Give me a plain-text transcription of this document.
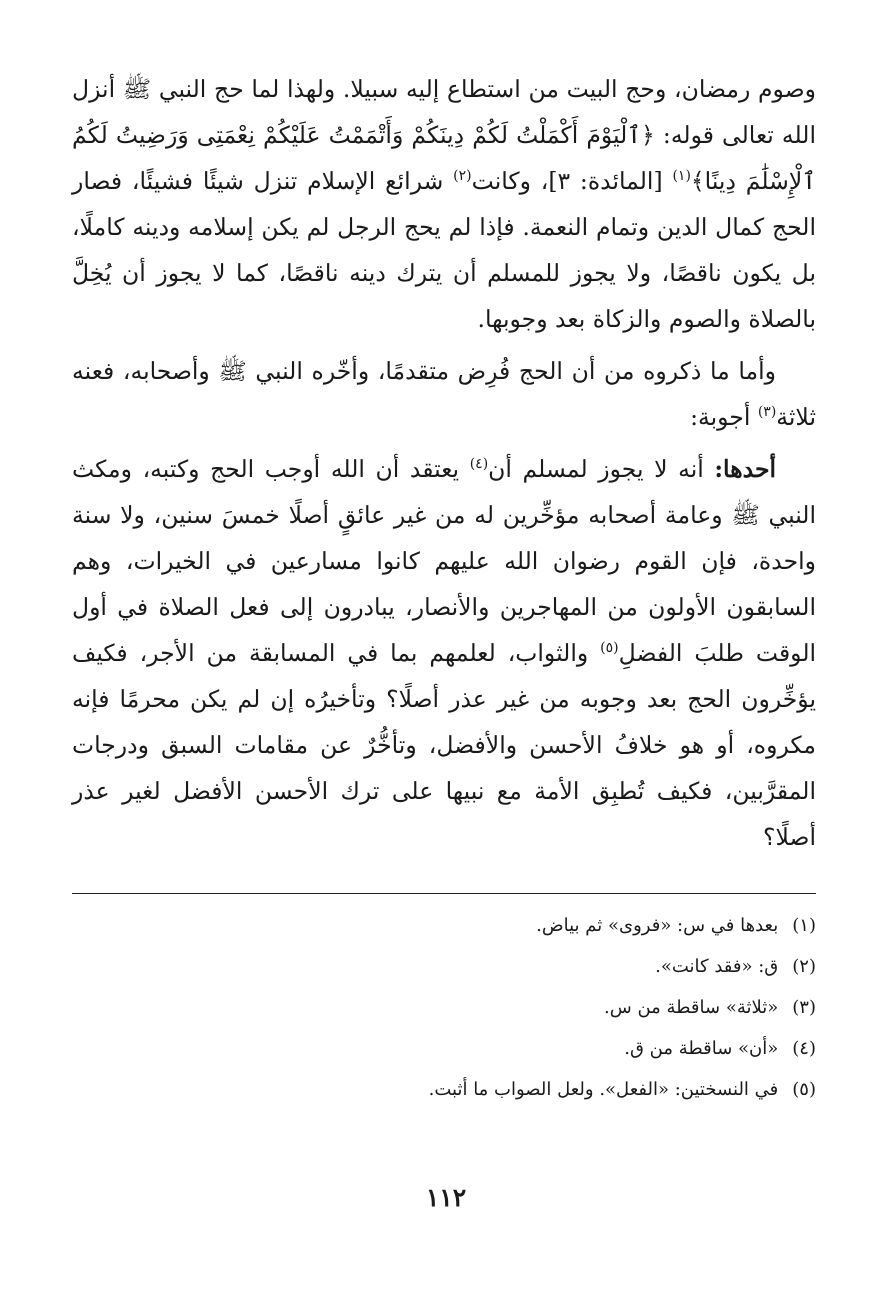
وصوم رمضان، وحج البيت من استطاع إليه سبيلا. ولهذا لما حج النبي ﷺ أنزل الله تعالى قوله: ﴿ٱلْيَوْمَ أَكْمَلْتُ لَكُمْ دِينَكُمْ وَأَتْمَمْتُ عَلَيْكُمْ نِعْمَتِى وَرَضِيتُ لَكُمُ ٱلْإِسْلَٰمَ دِينًا﴾$^{(١)}$ [المائدة: ٣]، وكانت$^{(٢)}$ شرائع الإسلام تنزل شيئًا فشيئًا، فصار الحج كمال الدين وتمام النعمة. فإذا لم يحج الرجل لم يكن إسلامه ودينه كاملًا، بل يكون ناقصًا، ولا يجوز للمسلم أن يترك دينه ناقصًا، كما لا يجوز أن يُخِلَّ بالصلاة والصوم والزكاة بعد وجوبها.

وأما ما ذكروه من أن الحج فُرِض متقدمًا، وأخّره النبي ﷺ وأصحابه، فعنه ثلاثة$^{(٣)}$ أجوبة:

أحدها: أنه لا يجوز لمسلم أن$^{(٤)}$ يعتقد أن الله أوجب الحج وكتبه، ومكث النبي ﷺ وعامة أصحابه مؤخِّرين له من غير عائقٍ أصلًا خمسَ سنين، ولا سنة واحدة، فإن القوم رضوان الله عليهم كانوا مسارعين في الخيرات، وهم السابقون الأولون من المهاجرين والأنصار، يبادرون إلى فعل الصلاة في أول الوقت طلبَ الفضلِ$^{(٥)}$ والثواب، لعلمهم بما في المسابقة من الأجر، فكيف يؤخِّرون الحج بعد وجوبه من غير عذر أصلًا؟ وتأخيرُه إن لم يكن محرمًا فإنه مكروه، أو هو خلافُ الأحسن والأفضل، وتأخُّرٌ عن مقامات السبق ودرجات المقرَّبين، فكيف تُطبِق الأمة مع نبيها على ترك الأحسن الأفضل لغير عذر أصلًا؟

(١)بعدها في س: «فروى» ثم بياض.
(٢)ق: «فقد كانت».
(٣)«ثلاثة» ساقطة من س.
(٤)«أن» ساقطة من ق.
(٥)في النسختين: «الفعل». ولعل الصواب ما أثبت.
١١٢
